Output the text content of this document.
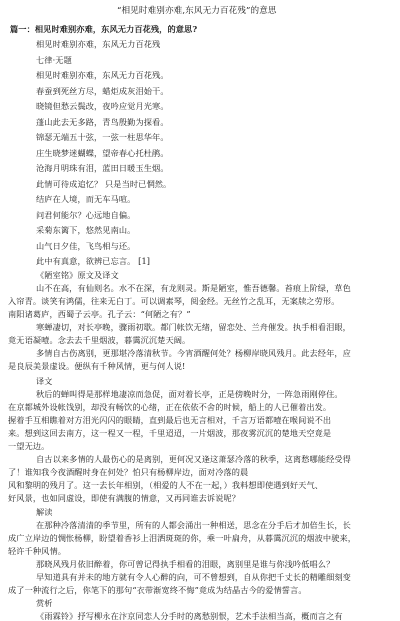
“相见时难别亦难,东风无力百花残”的意思
篇一：相见时难别亦难，东风无力百花残，的意思?
相见时难别亦难，东风无力百花残
七律·无题
相见时难别亦难，东风无力百花残。
春蚕到死丝方尽，蜡炬成灰泪始干。
晓镜但愁云鬓改，夜吟应觉月光寒。
蓬山此去无多路，青鸟殷勤为探看。
锦瑟无端五十弦，一弦一柱思华年。
庄生晓梦迷蝴蝶，望帝春心托杜鹃。
沧海月明珠有泪，蓝田日暖玉生烟。
此情可待成追忆？ 只是当时已惘然。
结庐在人境，而无车马喧。
问君何能尔？心远地自偏。
采菊东篱下，悠然见南山。
山气日夕佳，飞鸟相与还。
此中有真意，欲辨已忘言。 [1]
《陋室铭》原文及译文
山不在高，有仙则名。水不在深，有龙则灵。斯是陋室，惟吾德馨。苔痕上阶绿，草色
入帘青。谈笑有鸿儒，往来无白丁。可以调素琴，阅金经。无丝竹之乱耳，无案牍之劳形。
南阳诸葛庐，西蜀子云亭。孔子云：“何陋之有？”
寒蝉凄切，对长亭晚，骤雨初歇。都门帐饮无绪，留恋处、兰舟催发。执手相看泪眼，
竟无语凝噎。念去去千里烟波，暮霭沉沉楚天阔。
多情自古伤离别，更那堪冷落清秋节。今宵酒醒何处？杨柳岸晓风残月。此去经年，应
是良辰美景虚设。便纵有千种风情，更与何人说!
译文
秋后的蝉叫得是那样地凄凉而急促，面对着长亭，正是傍晚时分，一阵急雨刚停住。
在京都城外设帐饯别，却没有畅饮的心绪，正在依依不舍的时候，船上的人已催着出发。
握着手互相瞧着对方泪光闪闪的眼睛，直到最后也无言相对，千言万语都噎在喉间说不出
来。想到这回去南方，这一程又一程，千里迢迢，一片烟波，那夜雾沉沉的楚地天空竟是
一望无边。
自古以来多情的人最伤心的是离别，更何况又逢这萧瑟冷落的秋季，这离愁哪能经受得
了！谁知我今夜酒醒时身在何处？怕只有杨柳岸边，面对冷落的晨
风和黎明的残月了。这一去长年相别，（相爱的人不在一起，）我料想即使遇到好天气、
好风景，也如同虚设，即使有满腹的情意，又再同谁去诉说呢？
解读
在那种冷落清清的季节里，所有的人都会涌出一种相送，思念在分手后才加倍生长，长
成广立岸边的惆怅杨柳，盼望着香衫上泪洒斑斑的你，乘一叶扁舟，从暮霭沉沉的烟波中驶来，
轻许千种风情。
那晓风残月依旧醉着，你可曾记得执手相看的泪眼，离别里是谁与你浅吟低唱么？
早知道具有并未的地方就有令人心醉的向，可不曾想到，自从你把千丈长的精雕细刻变
成了一种流行之后，你笔下的那句“衣带渐宽终不悔”竟成为结晶古今的爱情誓言。
赏析
《雨霖铃》抒写柳永在汴京同恋人分手时的离愁别恨，艺术手法相当高，概而言之有
